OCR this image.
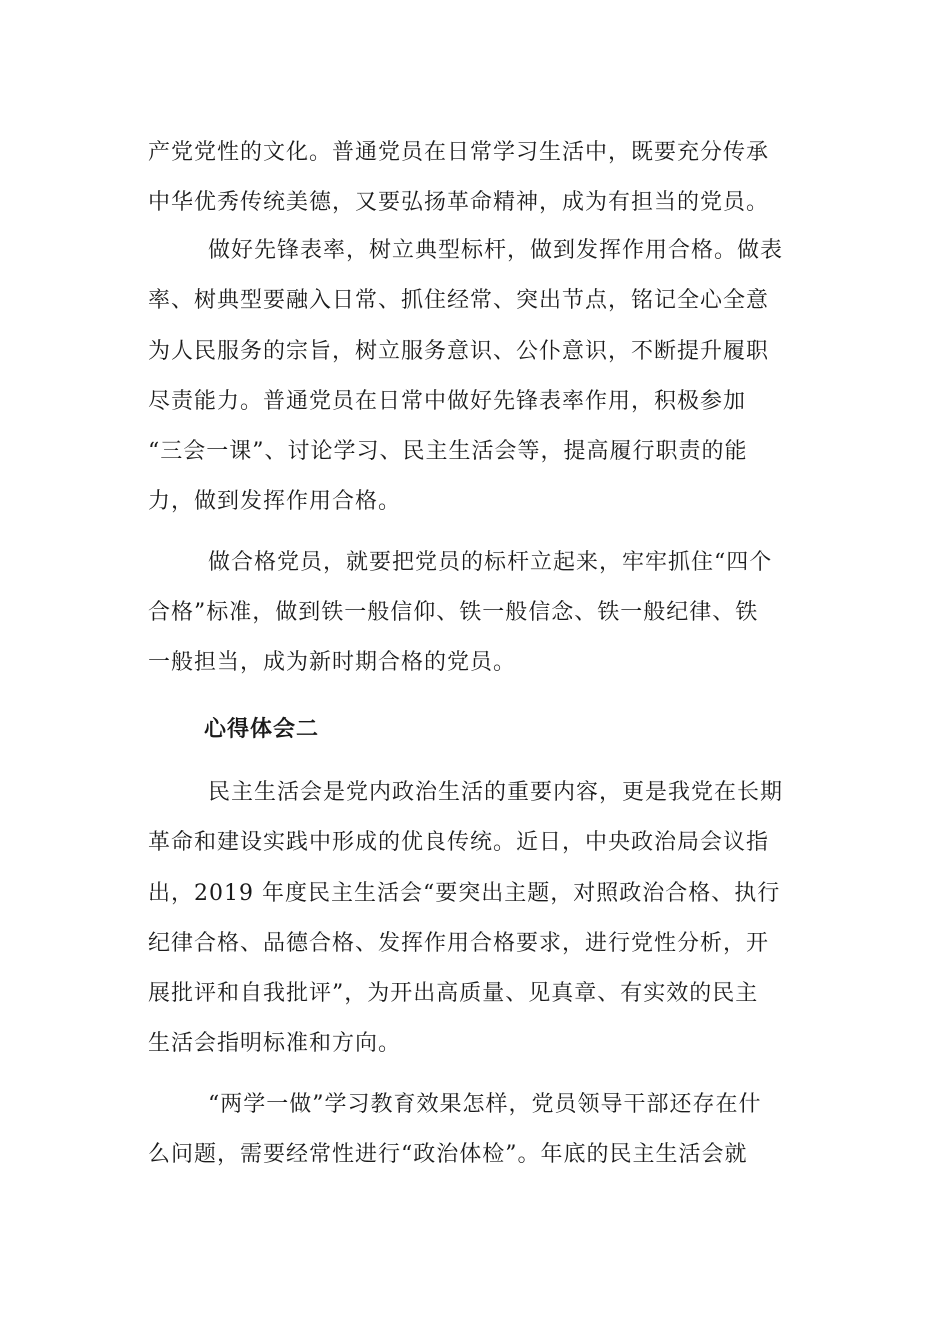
产党党性的文化。普通党员在日常学习生活中，既要充分传承
中华优秀传统美德，又要弘扬革命精神，成为有担当的党员。
做好先锋表率，树立典型标杆，做到发挥作用合格。做表
率、树典型要融入日常、抓住经常、突出节点，铭记全心全意
为人民服务的宗旨，树立服务意识、公仆意识，不断提升履职
尽责能力。普通党员在日常中做好先锋表率作用，积极参加
“三会一课”、讨论学习、民主生活会等，提高履行职责的能
力，做到发挥作用合格。
做合格党员，就要把党员的标杆立起来，牢牢抓住“四个
合格”标准，做到铁一般信仰、铁一般信念、铁一般纪律、铁
一般担当，成为新时期合格的党员。
心得体会二
民主生活会是党内政治生活的重要内容，更是我党在长期
革命和建设实践中形成的优良传统。近日，中央政治局会议指
出，2019 年度民主生活会“要突出主题，对照政治合格、执行
纪律合格、品德合格、发挥作用合格要求，进行党性分析，开
展批评和自我批评”，为开出高质量、见真章、有实效的民主
生活会指明标准和方向。
“两学一做”学习教育效果怎样，党员领导干部还存在什
么问题，需要经常性进行“政治体检”。年底的民主生活会就
